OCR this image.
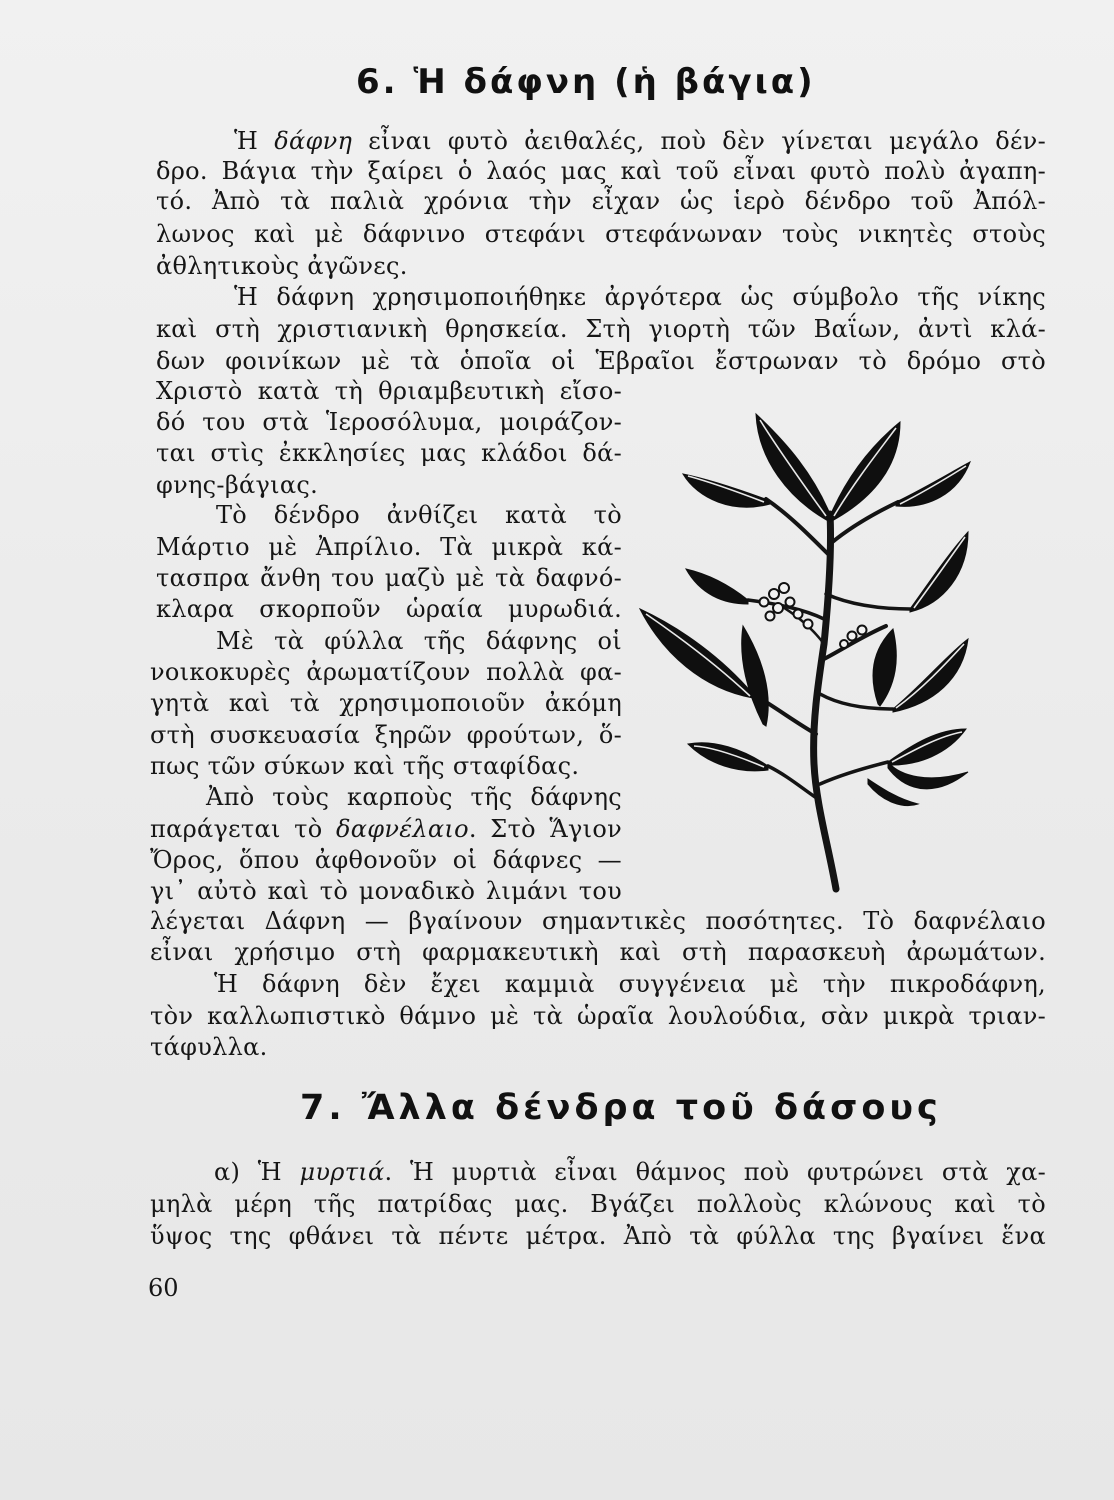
6. Ἡ δάφνη (ἡ βάγια)

Ἡ δάφνη εἶναι φυτὸ ἀειθαλές, ποὺ δὲν γίνεται μεγάλο δέν-

δρο. Βάγια τὴν ξαίρει ὁ λαός μας καὶ τοῦ εἶναι φυτὸ πολὺ ἀγαπη-

τό. Ἀπὸ τὰ παλιὰ χρόνια τὴν εἶχαν ὡς ἱερὸ δένδρο τοῦ Ἀπόλ-

λωνος καὶ μὲ δάφνινο στεφάνι στεφάνωναν τοὺς νικητὲς στοὺς

ἀθλητικοὺς ἀγῶνες.

Ἡ δάφνη χρησιμοποιήθηκε ἀργότερα ὡς σύμβολο τῆς νίκης

καὶ στὴ χριστιανικὴ θρησκεία. Στὴ γιορτὴ τῶν Βαΐων, ἀντὶ κλά-

δων φοινίκων μὲ τὰ ὁποῖα οἱ Ἑβραῖοι ἔστρωναν τὸ δρόμο στὸ

Χριστὸ κατὰ τὴ θριαμβευτικὴ εἴσο-

δό του στὰ Ἱεροσόλυμα, μοιράζον-

ται στὶς ἐκκλησίες μας κλάδοι δά-

φνης-βάγιας.

Τὸ δένδρο ἀνθίζει κατὰ τὸ

Μάρτιο μὲ Ἀπρίλιο. Τὰ μικρὰ κά-

τασπρα ἄνθη του μαζὺ μὲ τὰ δαφνό-

κλαρα σκορποῦν ὡραία μυρωδιά.

Μὲ τὰ φύλλα τῆς δάφνης οἱ

νοικοκυρὲς ἀρωματίζουν πολλὰ φα-

γητὰ καὶ τὰ χρησιμοποιοῦν ἀκόμη

στὴ συσκευασία ξηρῶν φρούτων, ὅ-

πως τῶν σύκων καὶ τῆς σταφίδας.

Ἀπὸ τοὺς καρποὺς τῆς δάφνης

παράγεται τὸ δαφνέλαιο. Στὸ Ἅγιον

Ὄρος, ὅπου ἀφθονοῦν οἱ δάφνες —

γι᾽ αὐτὸ καὶ τὸ μοναδικὸ λιμάνι του

λέγεται Δάφνη — βγαίνουν σημαντικὲς ποσότητες. Τὸ δαφνέλαιο

εἶναι χρήσιμο στὴ φαρμακευτικὴ καὶ στὴ παρασκευὴ ἀρωμάτων.

Ἡ δάφνη δὲν ἔχει καμμιὰ συγγένεια μὲ τὴν πικροδάφνη,

τὸν καλλωπιστικὸ θάμνο μὲ τὰ ὡραῖα λουλούδια, σὰν μικρὰ τριαν-

τάφυλλα.

7. Ἄλλα δένδρα τοῦ δάσους

α) Ἡ μυρτιά. Ἡ μυρτιὰ εἶναι θάμνος ποὺ φυτρώνει στὰ χα-

μηλὰ μέρη τῆς πατρίδας μας. Βγάζει πολλοὺς κλώνους καὶ τὸ

ὕψος της φθάνει τὰ πέντε μέτρα. Ἀπὸ τὰ φύλλα της βγαίνει ἕνα

60
